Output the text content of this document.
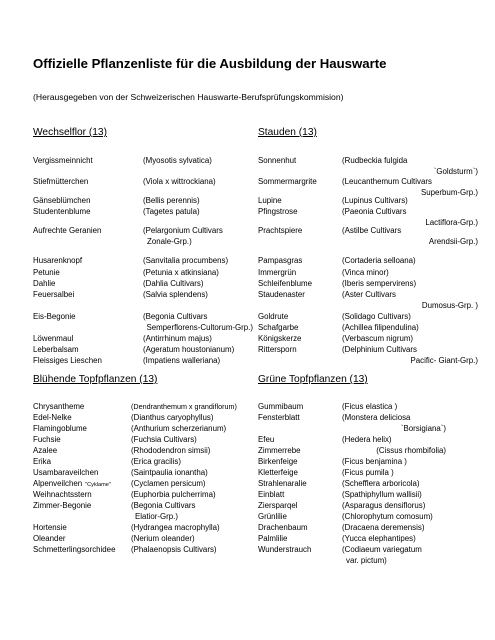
Offizielle Pflanzenliste für die Ausbildung der Hauswarte
(Herausgegeben von der Schweizerischen Hauswarte-Berufsprüfungskommision)
Wechselflor (13)	Stauden (13)
Blühende Topfpflanzen (13)	Grüne Topfpflanzen (13)
Vergissmeinnicht	(Myosotis sylvatica)
Stiefmütterchen	(Viola x wittrockiana)
Gänseblümchen	(Bellis perennis)
Studentenblume	(Tagetes patula)
Aufrechte Geranien	(Pelargonium Cultivars
Zonale-Grp.)
Husarenknopf	(Sanvitalia procumbens)
Petunie	(Petunia x atkinsiana)
Dahlie	(Dahlia Cultivars)
Feuersalbei	(Salvia splendens)
Eis-Begonie	(Begonia Cultivars
Semperflorens-Cultorum-Grp.)
Löwenmaul	(Antirrhinum majus)
Leberbalsam	(Ageratum houstonianum)
Fleissiges Lieschen	(Impatiens walleriana)
Sonnenhut	(Rudbeckia fulgida
`Goldsturm`)
Sommermargrite	(Leucanthemum Cultivars
Superbum-Grp.)
Lupine	(Lupinus Cultivars)
Pfingstrose	(Paeonia Cultivars
Lactiflora-Grp.)
Prachtspiere	(Astilbe Cultivars
Arendsii-Grp.)
Pampasgras	(Cortaderia selloana)
Immergrün	(Vinca minor)
Schleifenblume	(Iberis sempervirens)
Staudenaster	(Aster Cultivars
Dumosus-Grp. )
Goldrute	(Solidago Cultivars)
Schafgarbe	(Achillea filipendulina)
Königskerze	(Verbascum nigrum)
Rittersporn	(Delphinium Cultivars
Pacific- Giant-Grp.)
Chrysantheme	(Dendranthemum x grandiflorum)
Edel-Nelke	(Dianthus caryophyllus)
Flamingoblume	(Anthurium scherzerianum)
Fuchsie	(Fuchsia Cultivars)
Azalee	(Rhododendron simsii)
Erika	(Erica gracilis)
Usambaraveilchen	(Saintpaulia ionantha)
Alpenveilchen "Cyklame"	(Cyclamen persicum)
Weihnachtsstern	(Euphorbia pulcherrima)
Zimmer-Begonie	(Begonia Cultivars
Elatior-Grp.)
Hortensie	(Hydrangea macrophylla)
Oleander	(Nerium oleander)
Schmetterlingsorchidee (Phalaenopsis Cultivars)
Gummibaum	(Ficus elastica )
Fensterblatt	(Monstera deliciosa
`Borsigiana`)
Efeu	(Hedera helix)
Zimmerrebe	(Cissus rhombifolia)
Birkenfeige	(Ficus benjamina )
Kletterfeige	(Ficus pumila )
Strahlenaralie	(Schefflera arboricola)
Einblatt	(Spathiphyllum wallisii)
Ziersparqel	(Asparagus densiflorus)
Grünlilie	(Chlorophytum comosum)
Drachenbaum	(Dracaena deremensis)
Palmlilie	(Yucca elephantipes)
Wunderstrauch	(Codiaeum variegatum
var. pictum)
